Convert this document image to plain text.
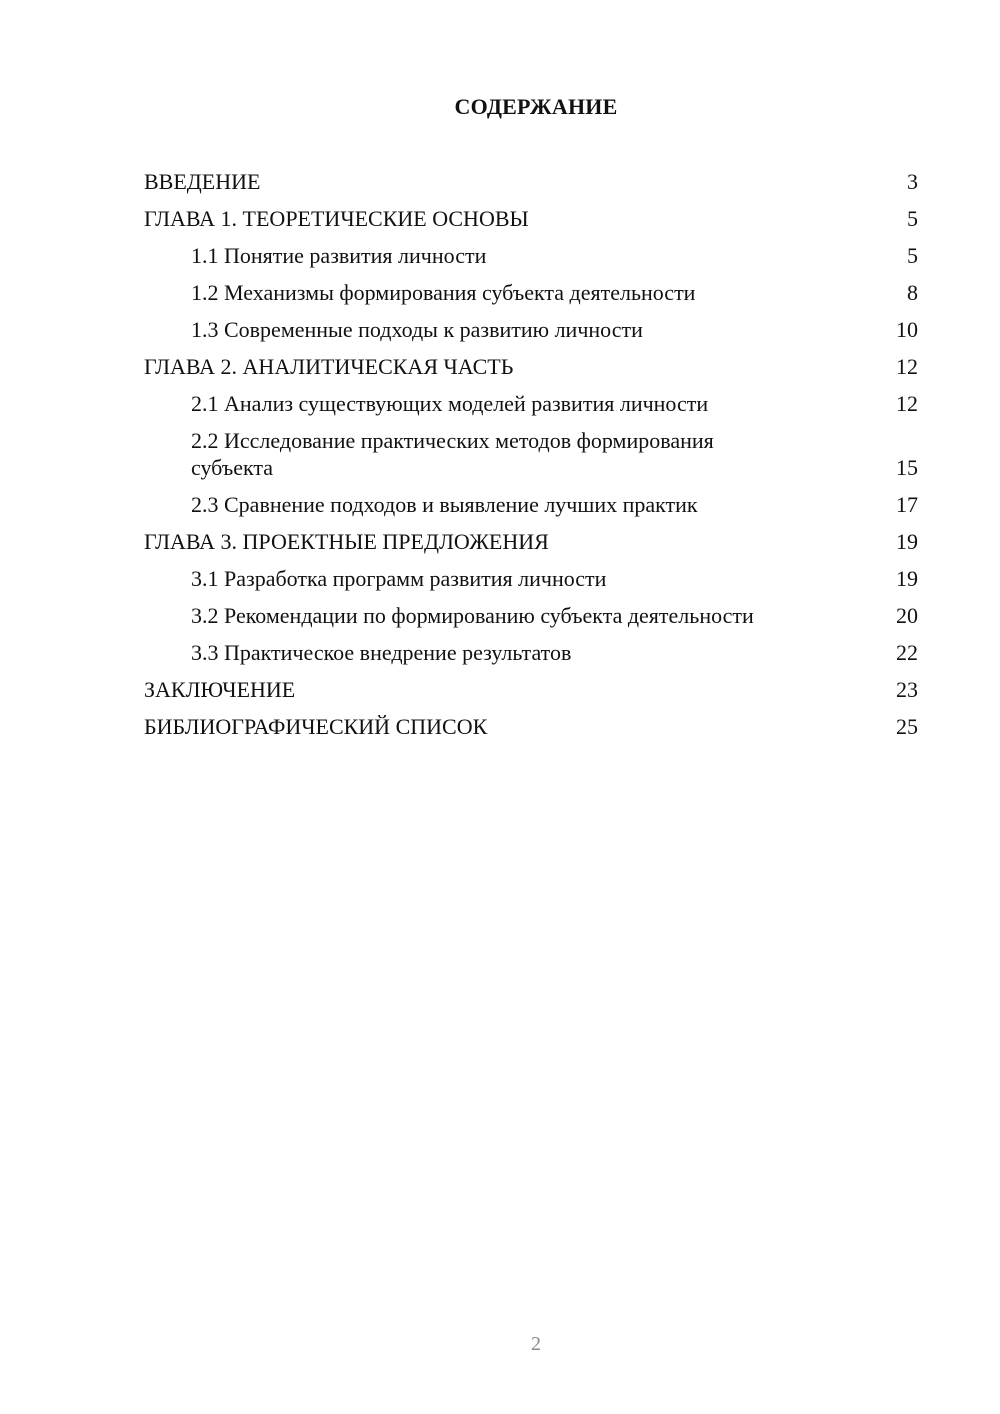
СОДЕРЖАНИЕ
ВВЕДЕНИЕ	3
ГЛАВА 1. ТЕОРЕТИЧЕСКИЕ ОСНОВЫ	5
1.1 Понятие развития личности	5
1.2 Механизмы формирования субъекта деятельности	8
1.3 Современные подходы к развитию личности	10
ГЛАВА 2. АНАЛИТИЧЕСКАЯ ЧАСТЬ	12
2.1 Анализ существующих моделей развития личности	12
2.2 Исследование практических методов формирования субъекта	15
2.3 Сравнение подходов и выявление лучших практик	17
ГЛАВА 3. ПРОЕКТНЫЕ ПРЕДЛОЖЕНИЯ	19
3.1 Разработка программ развития личности	19
3.2 Рекомендации по формированию субъекта деятельности	20
3.3 Практическое внедрение результатов	22
ЗАКЛЮЧЕНИЕ	23
БИБЛИОГРАФИЧЕСКИЙ СПИСОК	25
2
